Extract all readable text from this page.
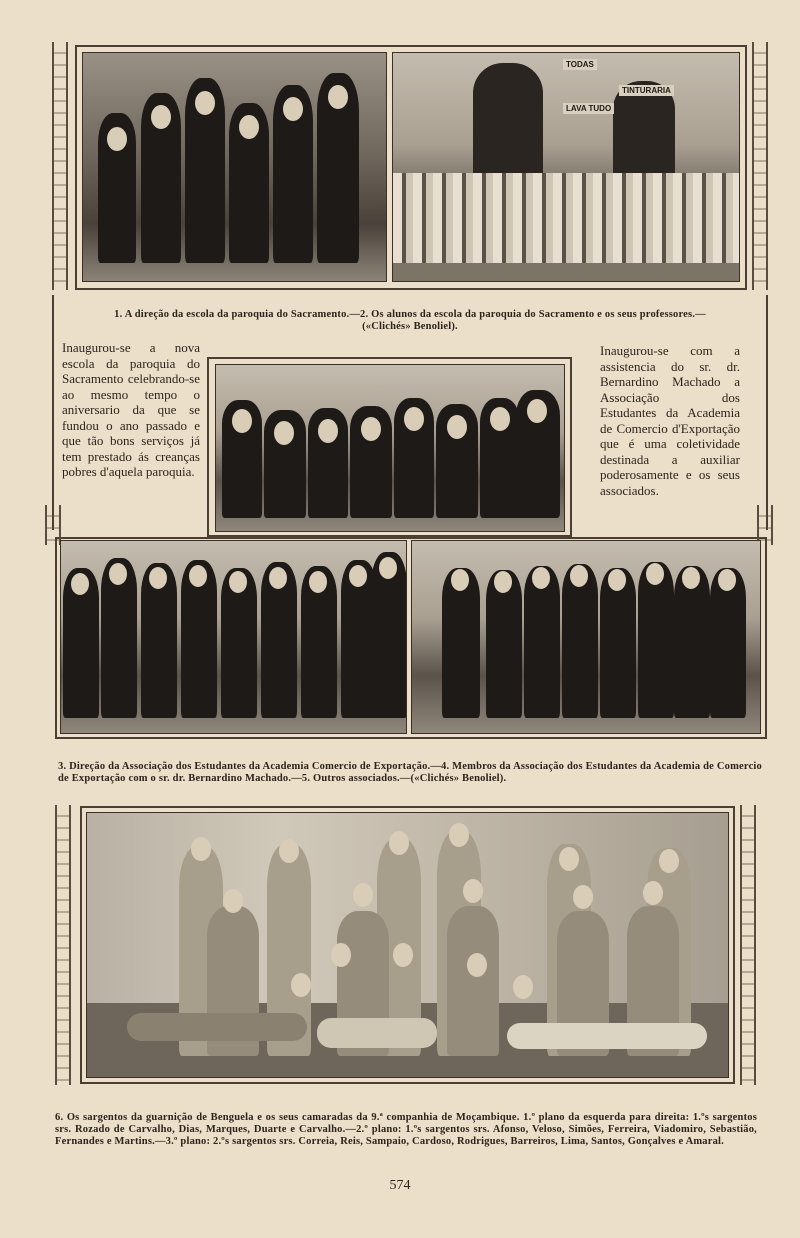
TINTURARIA
LAVA TUDO
TODAS
1. A direção da escola da paroquia do Sacramento.—2. Os alunos da escola da paroquia do Sacramento e os seus professores.—(«Clichés» Benoliel).
Inaugurou-se a nova escola da paroquia do Sacramento celebrando-se ao mesmo tempo o aniversario da que se fundou o ano passado e que tão bons serviços já tem prestado ás creanças pobres d'aquela paroquia.
Inaugurou-se com a assistencia do sr. dr. Bernardino Machado a Associação dos Estudantes da Academia de Comercio d'Exportação que é uma coletividade destinada a auxiliar poderosamente e os seus associados.
3. Direção da Associação dos Estudantes da Academia Comercio de Exportação.—4. Membros da Associação dos Estudantes da Academia de Comercio de Exportação com o sr. dr. Bernardino Machado.—5. Outros associados.—(«Clichés» Benoliel).
6. Os sargentos da guarnição de Benguela e os seus camaradas da 9.ª companhia de Moçambique. 1.º plano da esquerda para direita: 1.ºs sargentos srs. Rozado de Carvalho, Dias, Marques, Duarte e Carvalho.—2.º plano: 1.ºs sargentos srs. Afonso, Veloso, Simões, Ferreira, Viadomiro, Sebastião, Fernandes e Martins.—3.º plano: 2.ºs sargentos srs. Correia, Reis, Sampaio, Cardoso, Rodrigues, Barreiros, Lima, Santos, Gonçalves e Amaral.
574
